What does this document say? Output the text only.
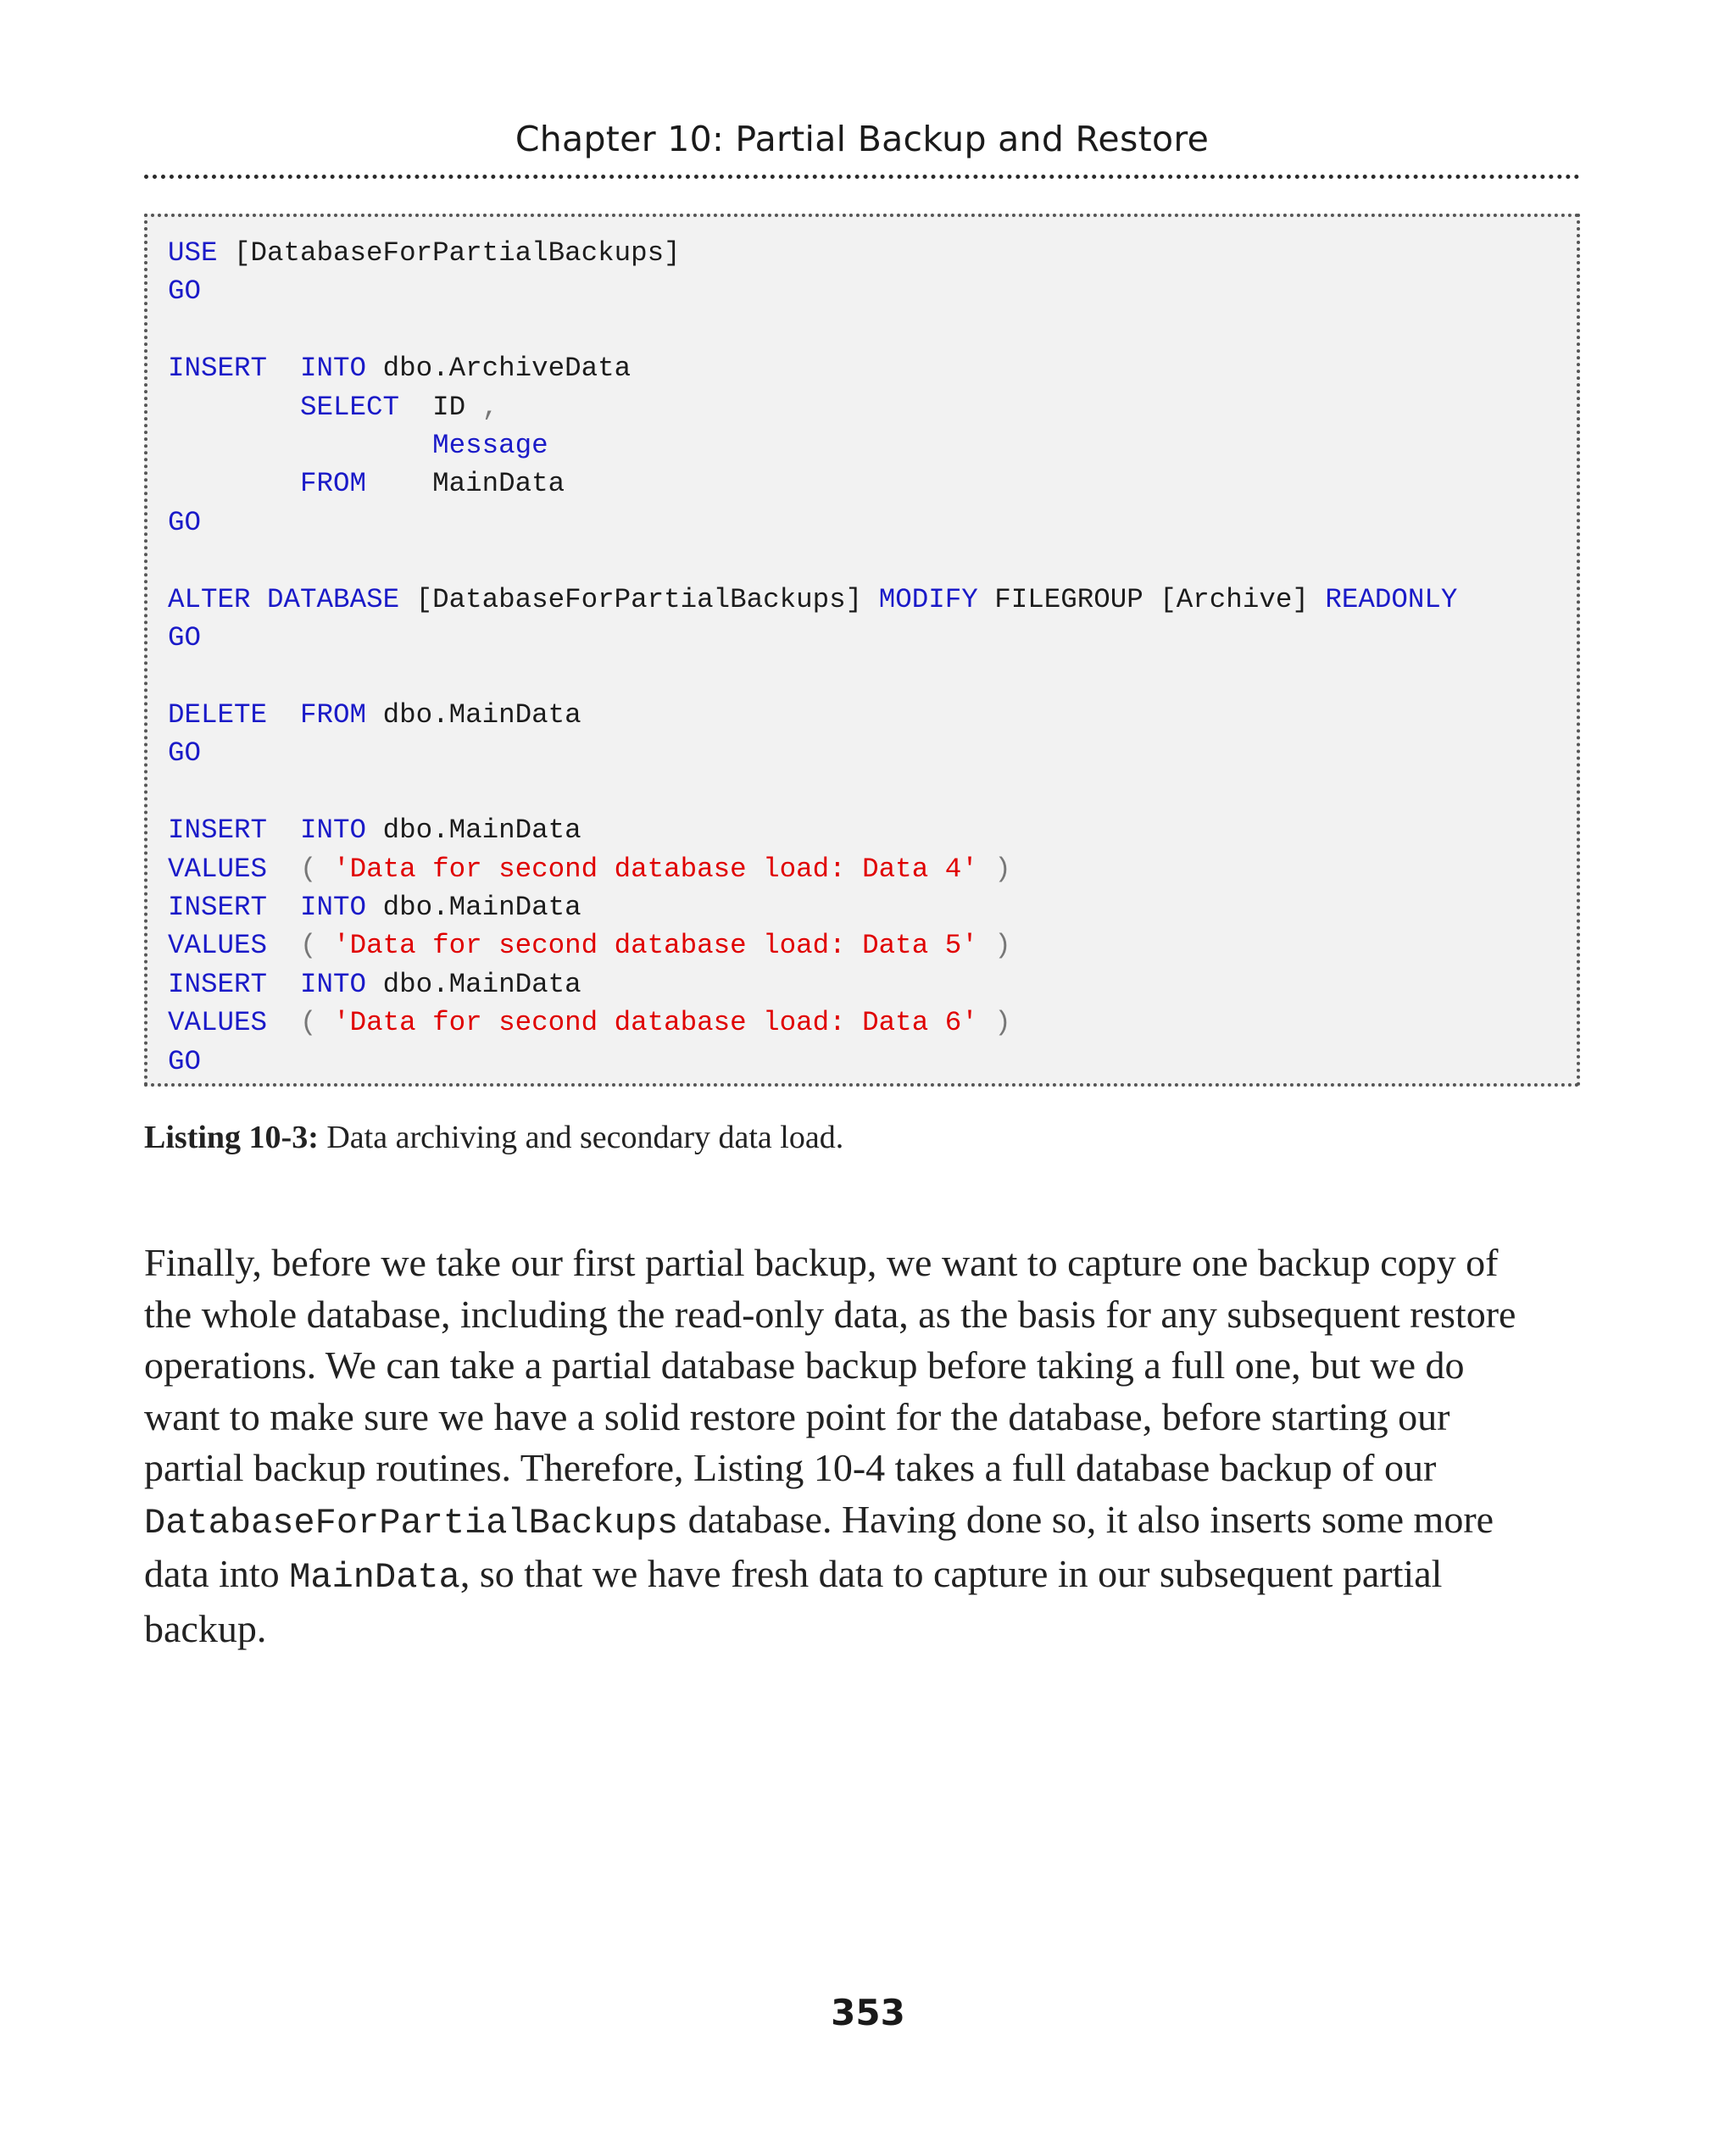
Chapter 10: Partial Backup and Restore
USE [DatabaseForPartialBackups]
GO

INSERT INTO dbo.ArchiveData
SELECT ID ,
Message
FROM MainData
GO

ALTER DATABASE [DatabaseForPartialBackups] MODIFY FILEGROUP [Archive] READONLY
GO

DELETE FROM dbo.MainData
GO

INSERT INTO dbo.MainData
VALUES ( 'Data for second database load: Data 4' )
INSERT INTO dbo.MainData
VALUES ( 'Data for second database load: Data 5' )
INSERT INTO dbo.MainData
VALUES ( 'Data for second database load: Data 6' )
GO
Listing 10-3: Data archiving and secondary data load.

Finally, before we take our first partial backup, we want to capture one backup copy of the whole database, including the read-only data, as the basis for any subsequent restore operations. We can take a partial database backup before taking a full one, but we do want to make sure we have a solid restore point for the database, before starting our partial backup routines. Therefore, Listing 10-4 takes a full database backup of our DatabaseForPartialBackups database. Having done so, it also inserts some more data into MainData, so that we have fresh data to capture in our subsequent partial backup.

353
